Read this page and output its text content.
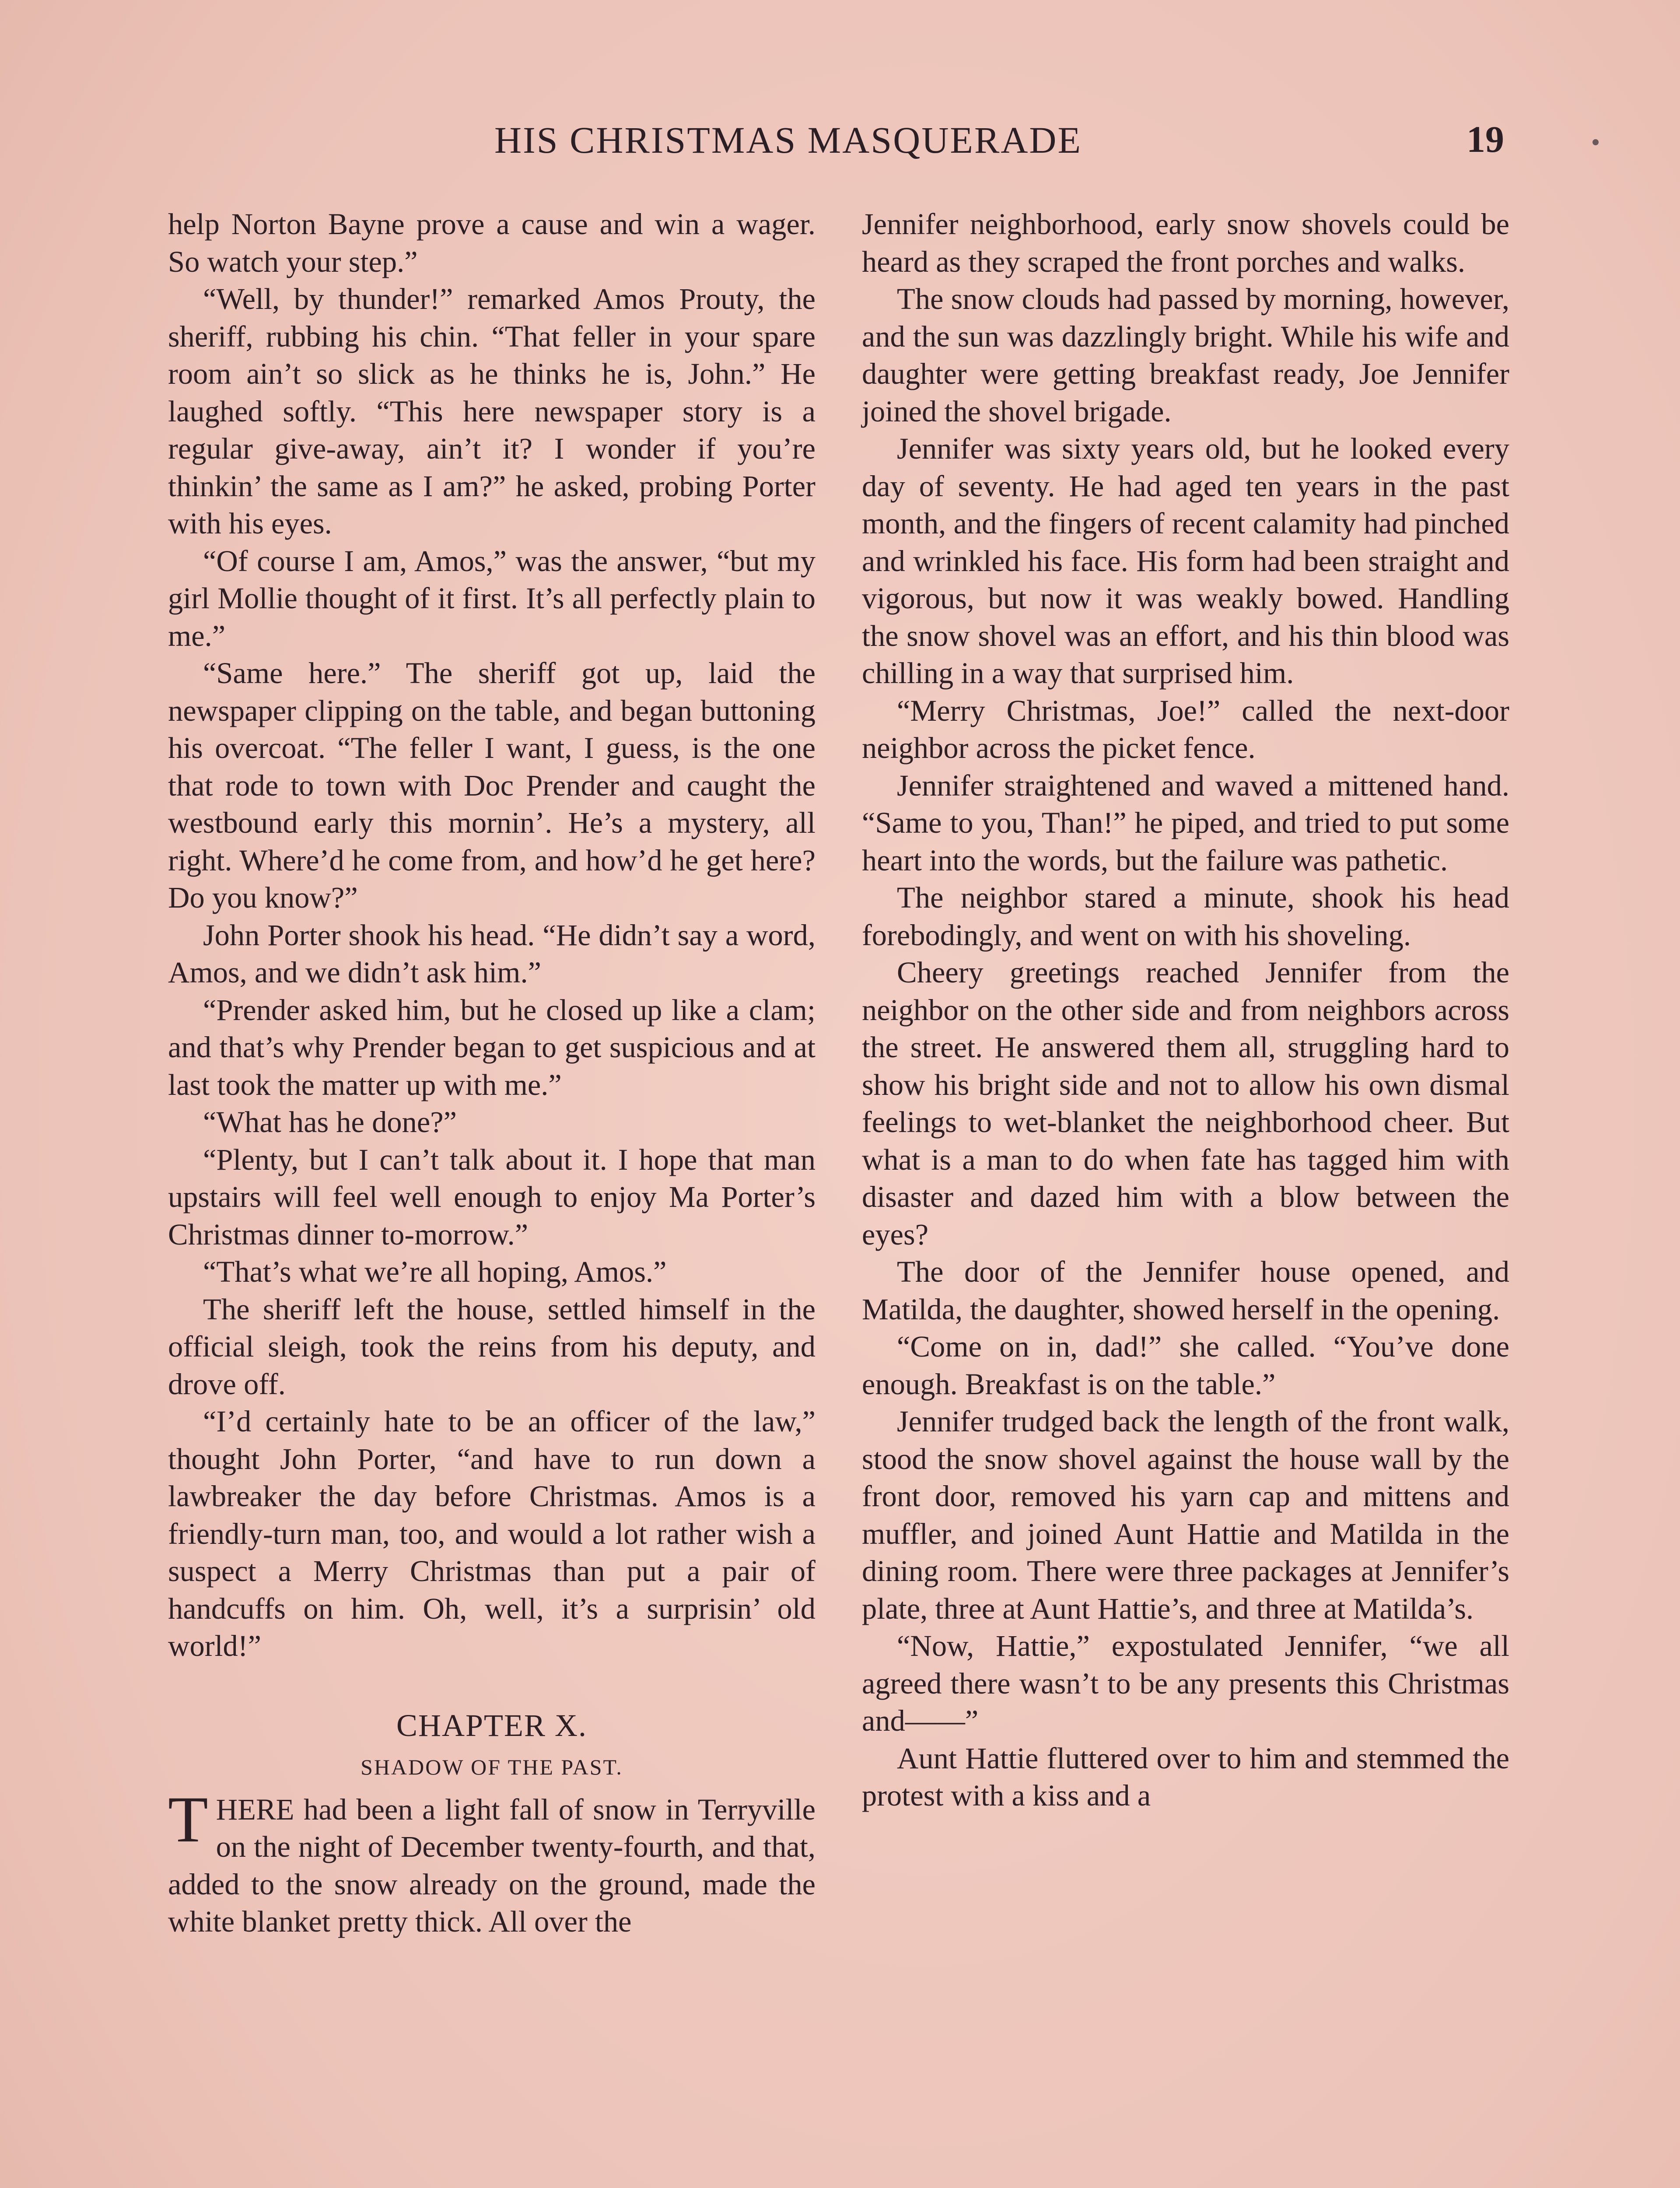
HIS CHRISTMAS MASQUERADE	19

help Norton Bayne prove a cause and win a wager. So watch your step.”

“Well, by thunder!” remarked Amos Prouty, the sheriff, rubbing his chin. “That feller in your spare room ain’t so slick as he thinks he is, John.” He laughed softly. “This here newspaper story is a regular give-away, ain’t it? I wonder if you’re thinkin’ the same as I am?” he asked, probing Porter with his eyes.

“Of course I am, Amos,” was the answer, “but my girl Mollie thought of it first. It’s all perfectly plain to me.”

“Same here.” The sheriff got up, laid the newspaper clipping on the table, and began buttoning his overcoat. “The feller I want, I guess, is the one that rode to town with Doc Prender and caught the westbound early this mornin’. He’s a mystery, all right. Where’d he come from, and how’d he get here? Do you know?”

John Porter shook his head. “He didn’t say a word, Amos, and we didn’t ask him.”

“Prender asked him, but he closed up like a clam; and that’s why Prender began to get suspicious and at last took the matter up with me.”

“What has he done?”

“Plenty, but I can’t talk about it. I hope that man upstairs will feel well enough to enjoy Ma Porter’s Christmas dinner to-morrow.”

“That’s what we’re all hoping, Amos.”

The sheriff left the house, settled himself in the official sleigh, took the reins from his deputy, and drove off.

“I’d certainly hate to be an officer of the law,” thought John Porter, “and have to run down a lawbreaker the day before Christmas. Amos is a friendly-turn man, too, and would a lot rather wish a suspect a Merry Christmas than put a pair of handcuffs on him. Oh, well, it’s a surprisin’ old world!”

CHAPTER X.
SHADOW OF THE PAST.

THERE had been a light fall of snow in Terryville on the night of December twenty-fourth, and that, added to the snow already on the ground, made the white blanket pretty thick. All over the

Jennifer neighborhood, early snow shovels could be heard as they scraped the front porches and walks.

The snow clouds had passed by morning, however, and the sun was dazzlingly bright. While his wife and daughter were getting breakfast ready, Joe Jennifer joined the shovel brigade.

Jennifer was sixty years old, but he looked every day of seventy. He had aged ten years in the past month, and the fingers of recent calamity had pinched and wrinkled his face. His form had been straight and vigorous, but now it was weakly bowed. Handling the snow shovel was an effort, and his thin blood was chilling in a way that surprised him.

“Merry Christmas, Joe!” called the next-door neighbor across the picket fence.

Jennifer straightened and waved a mittened hand. “Same to you, Than!” he piped, and tried to put some heart into the words, but the failure was pathetic.

The neighbor stared a minute, shook his head forebodingly, and went on with his shoveling.

Cheery greetings reached Jennifer from the neighbor on the other side and from neighbors across the street. He answered them all, struggling hard to show his bright side and not to allow his own dismal feelings to wet-blanket the neighborhood cheer. But what is a man to do when fate has tagged him with disaster and dazed him with a blow between the eyes?

The door of the Jennifer house opened, and Matilda, the daughter, showed herself in the opening.

“Come on in, dad!” she called. “You’ve done enough. Breakfast is on the table.”

Jennifer trudged back the length of the front walk, stood the snow shovel against the house wall by the front door, removed his yarn cap and mittens and muffler, and joined Aunt Hattie and Matilda in the dining room. There were three packages at Jennifer’s plate, three at Aunt Hattie’s, and three at Matilda’s.

“Now, Hattie,” expostulated Jennifer, “we all agreed there wasn’t to be any presents this Christmas and——”

Aunt Hattie fluttered over to him and stemmed the protest with a kiss and a
